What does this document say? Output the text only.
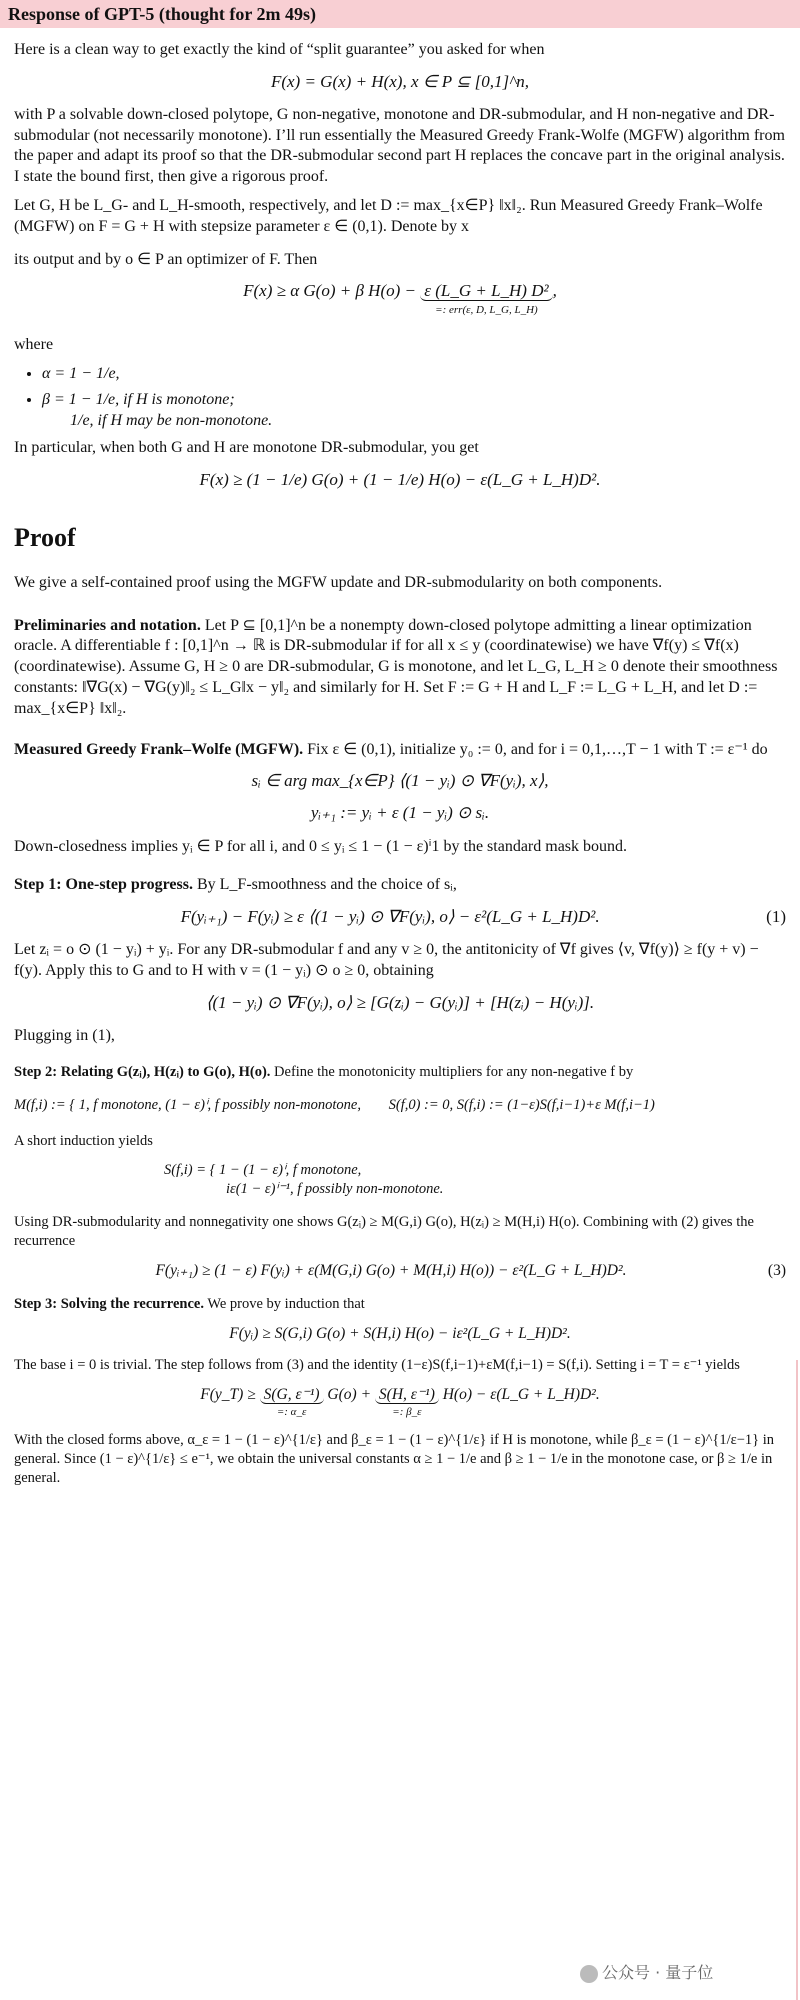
Response of GPT-5 (thought for 2m 49s)

Here is a clean way to get exactly the kind of “split guarantee” you asked for when

F(x) = G(x) + H(x), x ∈ P ⊆ [0,1]^n,

with P a solvable down-closed polytope, G non-negative, monotone and DR-submodular, and H non-negative and DR-submodular (not necessarily monotone). I’ll run essentially the Measured Greedy Frank-Wolfe (MGFW) algorithm from the paper and adapt its proof so that the DR-submodular second part H replaces the concave part in the original analysis. I state the bound first, then give a rigorous proof.

Let G, H be L_G- and L_H-smooth, respectively, and let D := max_{x∈P} ‖x‖₂. Run Measured Greedy Frank–Wolfe (MGFW) on F = G + H with stepsize parameter ε ∈ (0,1). Denote by x

its output and by o ∈ P an optimizer of F. Then

F(x) ≥ α G(o) + β H(o) − ε (L_G + L_H) D²
=: err(ε, D, L_G, L_H)
,

where

• α = 1 − 1/e,
• β = 1 − 1/e, if H is monotone;
1/e, if H may be non-monotone.

In particular, when both G and H are monotone DR-submodular, you get

F(x) ≥ (1 − 1/e) G(o) + (1 − 1/e) H(o) − ε(L_G + L_H)D².
Proof

We give a self-contained proof using the MGFW update and DR-submodularity on both components.

Preliminaries and notation. Let P ⊆ [0,1]^n be a nonempty down-closed polytope admitting a linear optimization oracle. A differentiable f : [0,1]^n → ℝ is DR-submodular if for all x ≤ y (coordinatewise) we have ∇f(y) ≤ ∇f(x) (coordinatewise). Assume G, H ≥ 0 are DR-submodular, G is monotone, and let L_G, L_H ≥ 0 denote their smoothness constants: ‖∇G(x) − ∇G(y)‖₂ ≤ L_G‖x − y‖₂ and similarly for H. Set F := G + H and L_F := L_G + L_H, and let D := max_{x∈P} ‖x‖₂.

Measured Greedy Frank–Wolfe (MGFW). Fix ε ∈ (0,1), initialize y₀ := 0, and for i = 0,1,…,T − 1 with T := ε⁻¹ do

sᵢ ∈ arg max_{x∈P} ⟨(1 − yᵢ) ⊙ ∇F(yᵢ), x⟩,
yᵢ₊₁ := yᵢ + ε (1 − yᵢ) ⊙ sᵢ.

Down-closedness implies yᵢ ∈ P for all i, and 0 ≤ yᵢ ≤ 1 − (1 − ε)ⁱ1 by the standard mask bound.

Step 1: One-step progress. By L_F-smoothness and the choice of sᵢ,

F(yᵢ₊₁) − F(yᵢ) ≥ ε ⟨(1 − yᵢ) ⊙ ∇F(yᵢ), o⟩ − ε²(L_G + L_H)D².	(1)

Let zᵢ = o ⊙ (1 − yᵢ) + yᵢ. For any DR-submodular f and any v ≥ 0, the antitonicity of ∇f gives ⟨v, ∇f(y)⟩ ≥ f(y + v) − f(y). Apply this to G and to H with v = (1 − yᵢ) ⊙ o ≥ 0, obtaining

⟨(1 − yᵢ) ⊙ ∇F(yᵢ), o⟩ ≥ [G(zᵢ) − G(yᵢ)] + [H(zᵢ) − H(yᵢ)].

Plugging in (1),

Step 2: Relating G(zᵢ), H(zᵢ) to G(o), H(o). Define the monotonicity multipliers for any non-negative f by

M(f,i) := { 1, f monotone, (1 − ε)ⁱ, f possibly non-monotone, S(f,0) := 0, S(f,i) := (1−ε)S(f,i−1)+ε M(f,i−1)

A short induction yields

S(f,i) = { 1 − (1 − ε)ⁱ, f monotone,
iε(1 − ε)ⁱ⁻¹, f possibly non-monotone.

Using DR-submodularity and nonnegativity one shows G(zᵢ) ≥ M(G,i) G(o), H(zᵢ) ≥ M(H,i) H(o). Combining with (2) gives the recurrence

F(yᵢ₊₁) ≥ (1 − ε) F(yᵢ) + ε(M(G,i) G(o) + M(H,i) H(o)) − ε²(L_G + L_H)D².	(3)

Step 3: Solving the recurrence. We prove by induction that

F(yᵢ) ≥ S(G,i) G(o) + S(H,i) H(o) − iε²(L_G + L_H)D².

The base i = 0 is trivial. The step follows from (3) and the identity (1−ε)S(f,i−1)+εM(f,i−1) = S(f,i). Setting i = T = ε⁻¹ yields

F(y_T) ≥ S(G, ε⁻¹)
=: α_ε
G(o) + S(H, ε⁻¹)
=: β_ε
H(o) − ε(L_G + L_H)D².

With the closed forms above, α_ε = 1 − (1 − ε)^{1/ε} and β_ε = 1 − (1 − ε)^{1/ε} if H is monotone, while β_ε = (1 − ε)^{1/ε−1} in general. Since (1 − ε)^{1/ε} ≤ e⁻¹, we obtain the universal constants α ≥ 1 − 1/e and β ≥ 1 − 1/e in the monotone case, or β ≥ 1/e in general.

公众号 · 量子位
